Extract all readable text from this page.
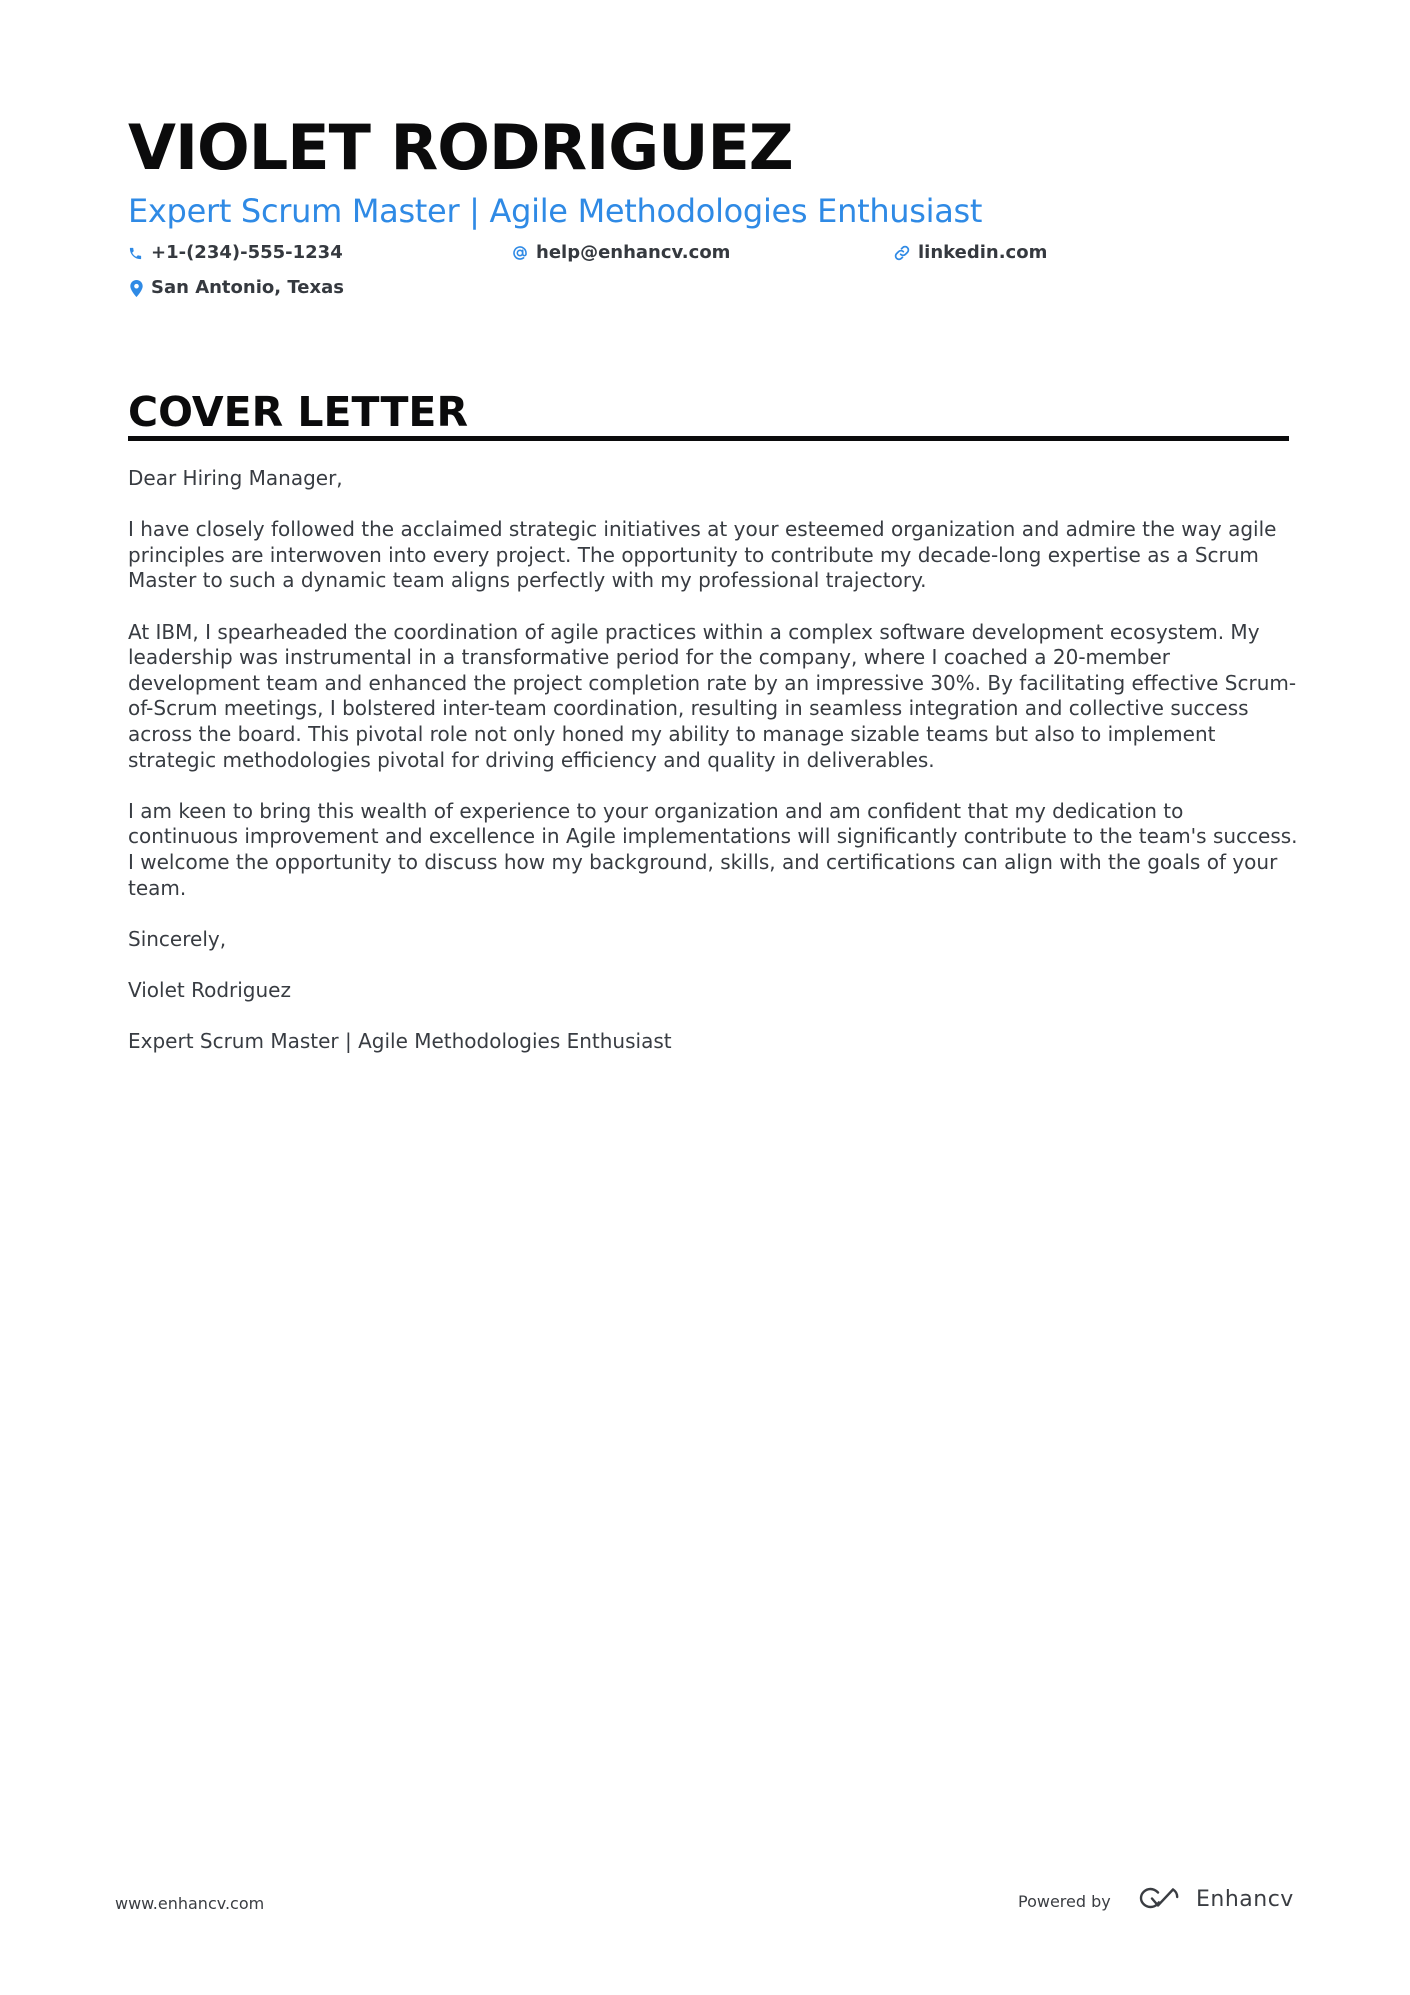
VIOLET RODRIGUEZ
Expert Scrum Master | Agile Methodologies Enthusiast
+1-(234)-555-1234	help@enhancv.com	linkedin.com
San Antonio, Texas
COVER LETTER

Dear Hiring Manager,

I have closely followed the acclaimed strategic initiatives at your esteemed organization and admire the way agile principles are interwoven into every project. The opportunity to contribute my decade-long expertise as a Scrum Master to such a dynamic team aligns perfectly with my professional trajectory.

At IBM, I spearheaded the coordination of agile practices within a complex software development ecosystem. My leadership was instrumental in a transformative period for the company, where I coached a 20-member development team and enhanced the project completion rate by an impressive 30%. By facilitating effective Scrum-of-Scrum meetings, I bolstered inter-team coordination, resulting in seamless integration and collective success across the board. This pivotal role not only honed my ability to manage sizable teams but also to implement strategic methodologies pivotal for driving efficiency and quality in deliverables.

I am keen to bring this wealth of experience to your organization and am confident that my dedication to continuous improvement and excellence in Agile implementations will significantly contribute to the team's success. I welcome the opportunity to discuss how my background, skills, and certifications can align with the goals of your team.

Sincerely,

Violet Rodriguez

Expert Scrum Master | Agile Methodologies Enthusiast

www.enhancv.com	Powered by	Enhancv
